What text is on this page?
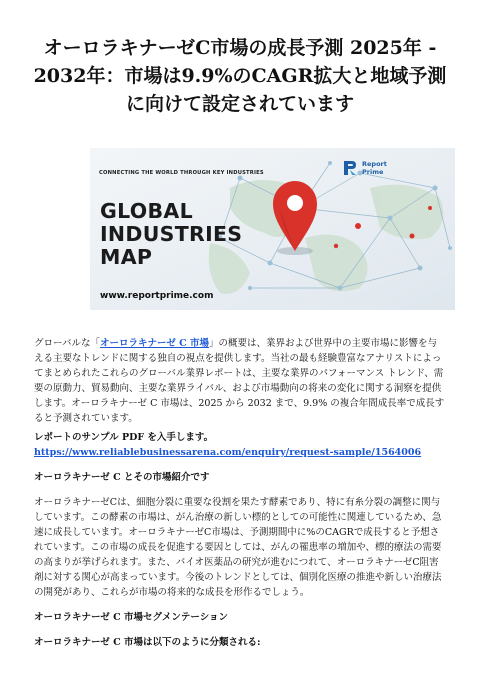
オーロラキナーゼC市場の成長予測 2025年 - 2032年：市場は9.9%のCAGR拡大と地域予測に向けて設定されています
CONNECTING THE WORLD THROUGH KEY INDUSTRIES
GLOBAL
INDUSTRIES
MAP
www.reportprime.com
Report
Prime

グローバルな「オーロラキナーゼ C 市場」の概要は、業界および世界中の主要市場に影響を与える主要なトレンドに関する独自の視点を提供します。当社の最も経験豊富なアナリストによってまとめられたこれらのグローバル業界レポートは、主要な業界のパフォーマンス トレンド、需要の原動力、貿易動向、主要な業界ライバル、および市場動向の将来の変化に関する洞察を提供します。オーロラキナーゼ C 市場は、2025 から 2032 まで、9.9% の複合年間成長率で成長すると予測されています。

レポートのサンプル PDF を入手します。https://www.reliablebusinessarena.com/enquiry/request-sample/1564006

オーロラキナーゼ C とその市場紹介です

オーロラキナーゼCは、細胞分裂に重要な役割を果たす酵素であり、特に有糸分裂の調整に関与しています。この酵素の市場は、がん治療の新しい標的としての可能性に関連しているため、急速に成長しています。オーロラキナーゼC市場は、予測期間中に%のCAGRで成長すると予想されています。この市場の成長を促進する要因としては、がんの罹患率の増加や、標的療法の需要の高まりが挙げられます。また、バイオ医薬品の研究が進むにつれて、オーロラキナーゼC阻害剤に対する関心が高まっています。今後のトレンドとしては、個別化医療の推進や新しい治療法の開発があり、これらが市場の将来的な成長を形作るでしょう。

オーロラキナーゼ C 市場セグメンテーション

オーロラキナーゼ C 市場は以下のように分類される:
